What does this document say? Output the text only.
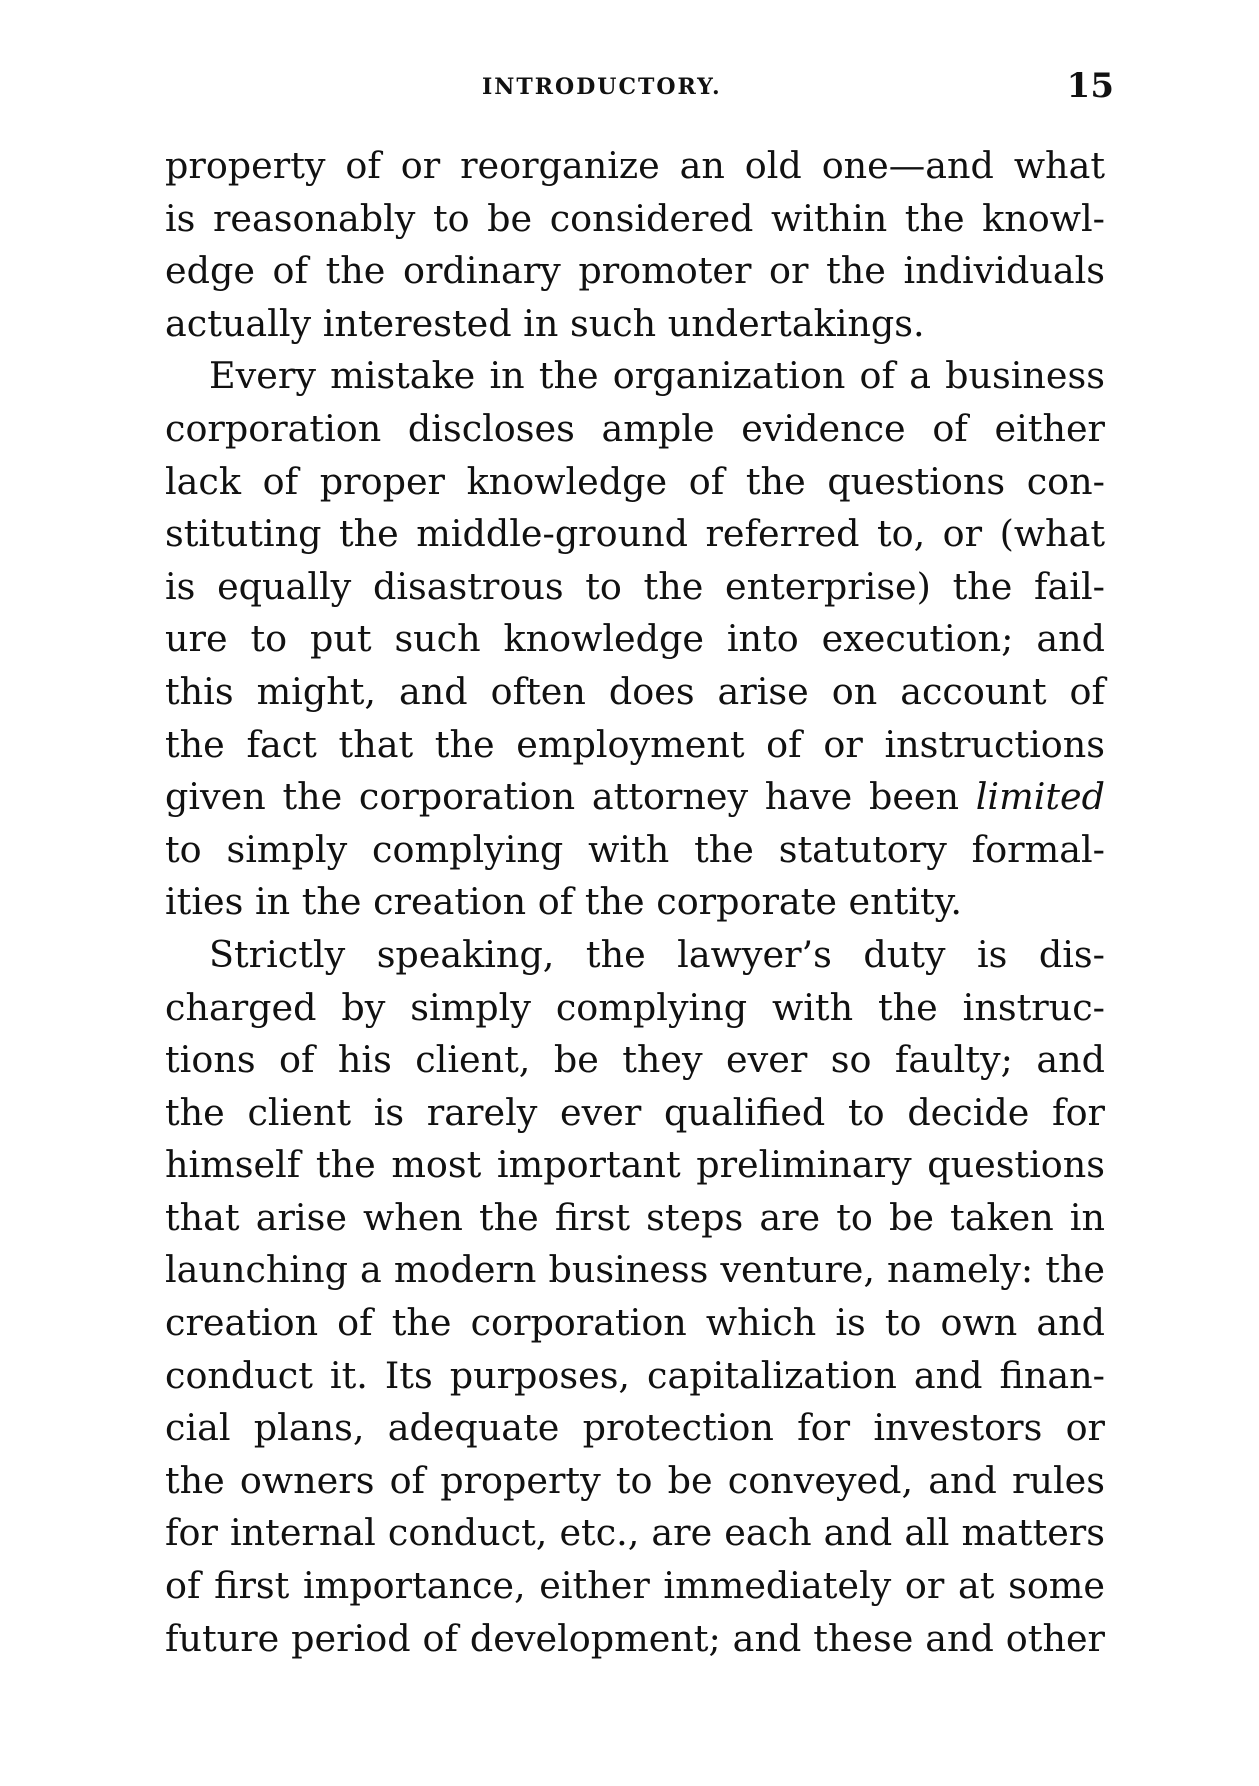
INTRODUCTORY.	15
property of or reorganize an old one—and what
is reasonably to be considered within the knowl-
edge of the ordinary promoter or the individuals
actually interested in such undertakings.
Every mistake in the organization of a business
corporation discloses ample evidence of either
lack of proper knowledge of the questions con-
stituting the middle-ground referred to, or (what
is equally disastrous to the enterprise) the fail-
ure to put such knowledge into execution; and
this might, and often does arise on account of
the fact that the employment of or instructions
given the corporation attorney have been limited
to simply complying with the statutory formal-
ities in the creation of the corporate entity.
Strictly speaking, the lawyer’s duty is dis-
charged by simply complying with the instruc-
tions of his client, be they ever so faulty; and
the client is rarely ever qualified to decide for
himself the most important preliminary questions
that arise when the first steps are to be taken in
launching a modern business venture, namely: the
creation of the corporation which is to own and
conduct it. Its purposes, capitalization and finan-
cial plans, adequate protection for investors or
the owners of property to be conveyed, and rules
for internal conduct, etc., are each and all matters
of first importance, either immediately or at some
future period of development; and these and other
